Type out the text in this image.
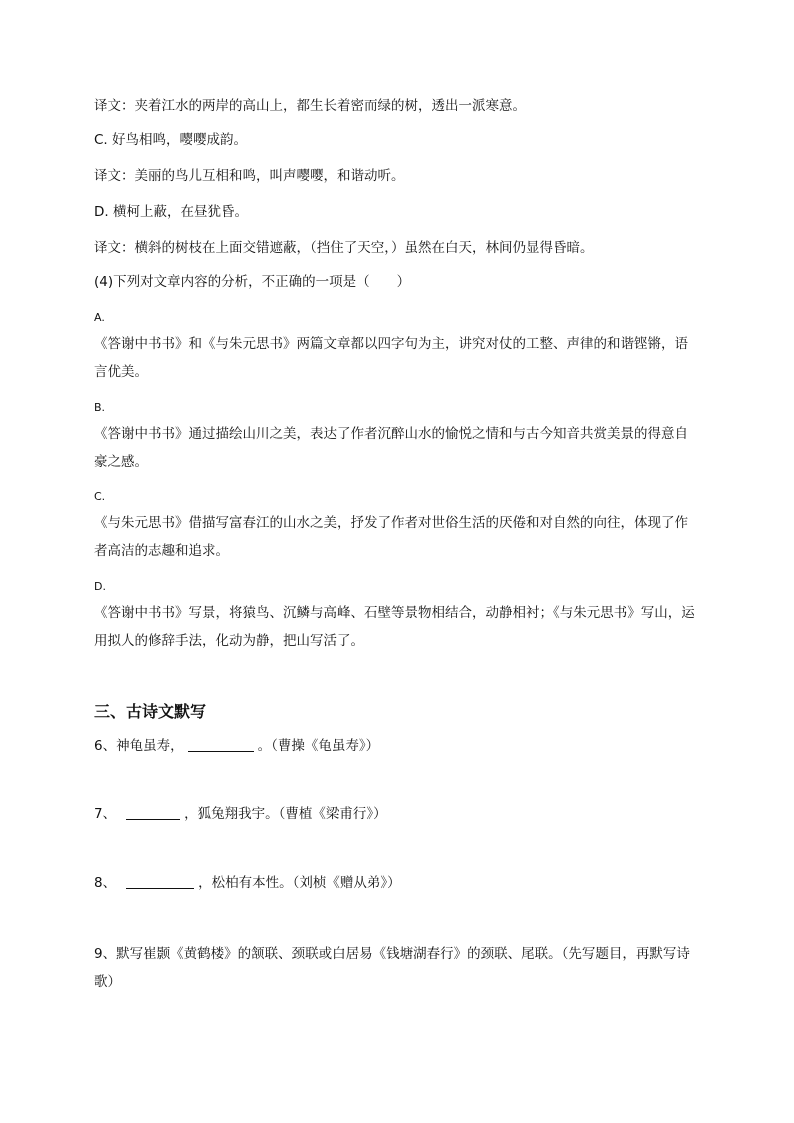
译文：夹着江水的两岸的高山上，都生长着密而绿的树，透出一派寒意。
C. 好鸟相鸣，嘤嘤成韵。
译文：美丽的鸟儿互相和鸣，叫声嘤嘤，和谐动听。
D. 横柯上蔽，在昼犹昏。
译文：横斜的树枝在上面交错遮蔽，（挡住了天空，）虽然在白天，林间仍显得昏暗。
(4)下列对文章内容的分析，不正确的一项是（　　）
A.
《答谢中书书》和《与朱元思书》两篇文章都以四字句为主，讲究对仗的工整、声律的和谐铿锵，语言优美。
B.
《答谢中书书》通过描绘山川之美，表达了作者沉醉山水的愉悦之情和与古今知音共赏美景的得意自豪之感。
C.
《与朱元思书》借描写富春江的山水之美，抒发了作者对世俗生活的厌倦和对自然的向往，体现了作者高洁的志趣和追求。
D.
《答谢中书书》写景，将猿鸟、沉鳞与高峰、石壁等景物相结合，动静相衬；《与朱元思书》写山，运用拟人的修辞手法，化动为静，把山写活了。
三、古诗文默写
6、神龟虽寿，	。（曹操《龟虽寿》）
7、	，狐兔翔我宇。（曹植《梁甫行》）
8、	，松柏有本性。（刘桢《赠从弟》）
9、默写崔颢《黄鹤楼》的颔联、颈联或白居易《钱塘湖春行》的颈联、尾联。（先写题目，再默写诗歌）
